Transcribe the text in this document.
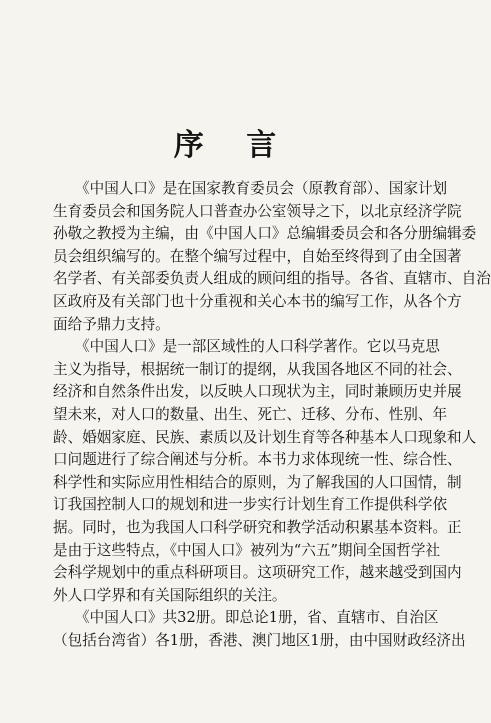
序 言
《中国人口》是在国家教育委员会（原教育部）、国家计划
生育委员会和国务院人口普查办公室领导之下，以北京经济学院
孙敬之教授为主编，由《中国人口》总编辑委员会和各分册编辑委
员会组织编写的。在整个编写过程中，自始至终得到了由全国著
名学者、有关部委负责人组成的顾问组的指导。各省、直辖市、自治
区政府及有关部门也十分重视和关心本书的编写工作，从各个方
面给予鼎力支持。
《中国人口》是一部区域性的人口科学著作。它以马克思
主义为指导，根据统一制订的提纲，从我国各地区不同的社会、
经济和自然条件出发，以反映人口现状为主，同时兼顾历史并展
望未来，对人口的数量、出生、死亡、迁移、分布、性别、年
龄、婚姻家庭、民族、素质以及计划生育等各种基本人口现象和人
口问题进行了综合阐述与分析。本书力求体现统一性、综合性、
科学性和实际应用性相结合的原则，为了解我国的人口国情，制
订我国控制人口的规划和进一步实行计划生育工作提供科学依
据。同时，也为我国人口科学研究和教学活动积累基本资料。正
是由于这些特点，《中国人口》被列为“六五”期间全国哲学社
会科学规划中的重点科研项目。这项研究工作，越来越受到国内
外人口学界和有关国际组织的关注。
《中国人口》共32册。即总论1册，省、直辖市、自治区
（包括台湾省）各1册，香港、澳门地区1册，由中国财政经济出
